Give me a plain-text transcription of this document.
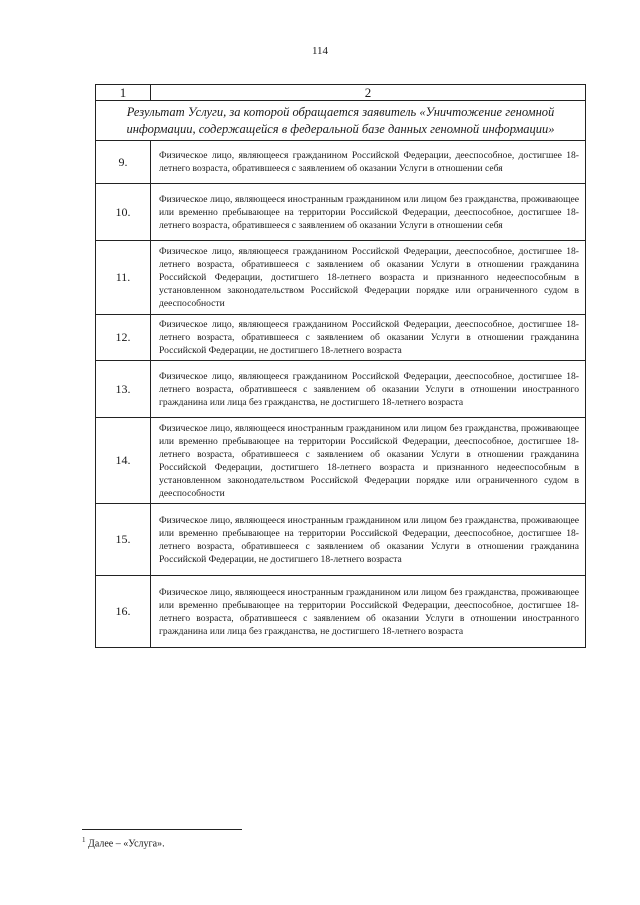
114
1	2
Результат Услуги, за которой обращается заявитель «Уничтожение геномной информации, содержащейся в федеральной базе данных геномной информации»	
9.	Физическое лицо, являющееся гражданином Российской Федерации, дееспособное, достигшее 18-летнего возраста, обратившееся с заявлением об оказании Услуги в отношении себя
10.	Физическое лицо, являющееся иностранным гражданином или лицом без гражданства, проживающее или временно пребывающее на территории Российской Федерации, дееспособное, достигшее 18-летнего возраста, обратившееся с заявлением об оказании Услуги в отношении себя
11.	Физическое лицо, являющееся гражданином Российской Федерации, дееспособное, достигшее 18-летнего возраста, обратившееся с заявлением об оказании Услуги в отношении гражданина Российской Федерации, достигшего 18-летнего возраста и признанного недееспособным в установленном законодательством Российской Федерации порядке или ограниченного судом в дееспособности
12.	Физическое лицо, являющееся гражданином Российской Федерации, дееспособное, достигшее 18-летнего возраста, обратившееся с заявлением об оказании Услуги в отношении гражданина Российской Федерации, не достигшего 18-летнего возраста
13.	Физическое лицо, являющееся гражданином Российской Федерации, дееспособное, достигшее 18-летнего возраста, обратившееся с заявлением об оказании Услуги в отношении иностранного гражданина или лица без гражданства, не достигшего 18-летнего возраста
14.	Физическое лицо, являющееся иностранным гражданином или лицом без гражданства, проживающее или временно пребывающее на территории Российской Федерации, дееспособное, достигшее 18-летнего возраста, обратившееся с заявлением об оказании Услуги в отношении гражданина Российской Федерации, достигшего 18-летнего возраста и признанного недееспособным в установленном законодательством Российской Федерации порядке или ограниченного судом в дееспособности
15.	Физическое лицо, являющееся иностранным гражданином или лицом без гражданства, проживающее или временно пребывающее на территории Российской Федерации, дееспособное, достигшее 18-летнего возраста, обратившееся с заявлением об оказании Услуги в отношении гражданина Российской Федерации, не достигшего 18-летнего возраста
16.	Физическое лицо, являющееся иностранным гражданином или лицом без гражданства, проживающее или временно пребывающее на территории Российской Федерации, дееспособное, достигшее 18-летнего возраста, обратившееся с заявлением об оказании Услуги в отношении иностранного гражданина или лица без гражданства, не достигшего 18-летнего возраста
$^1$ Далее – «Услуга».
